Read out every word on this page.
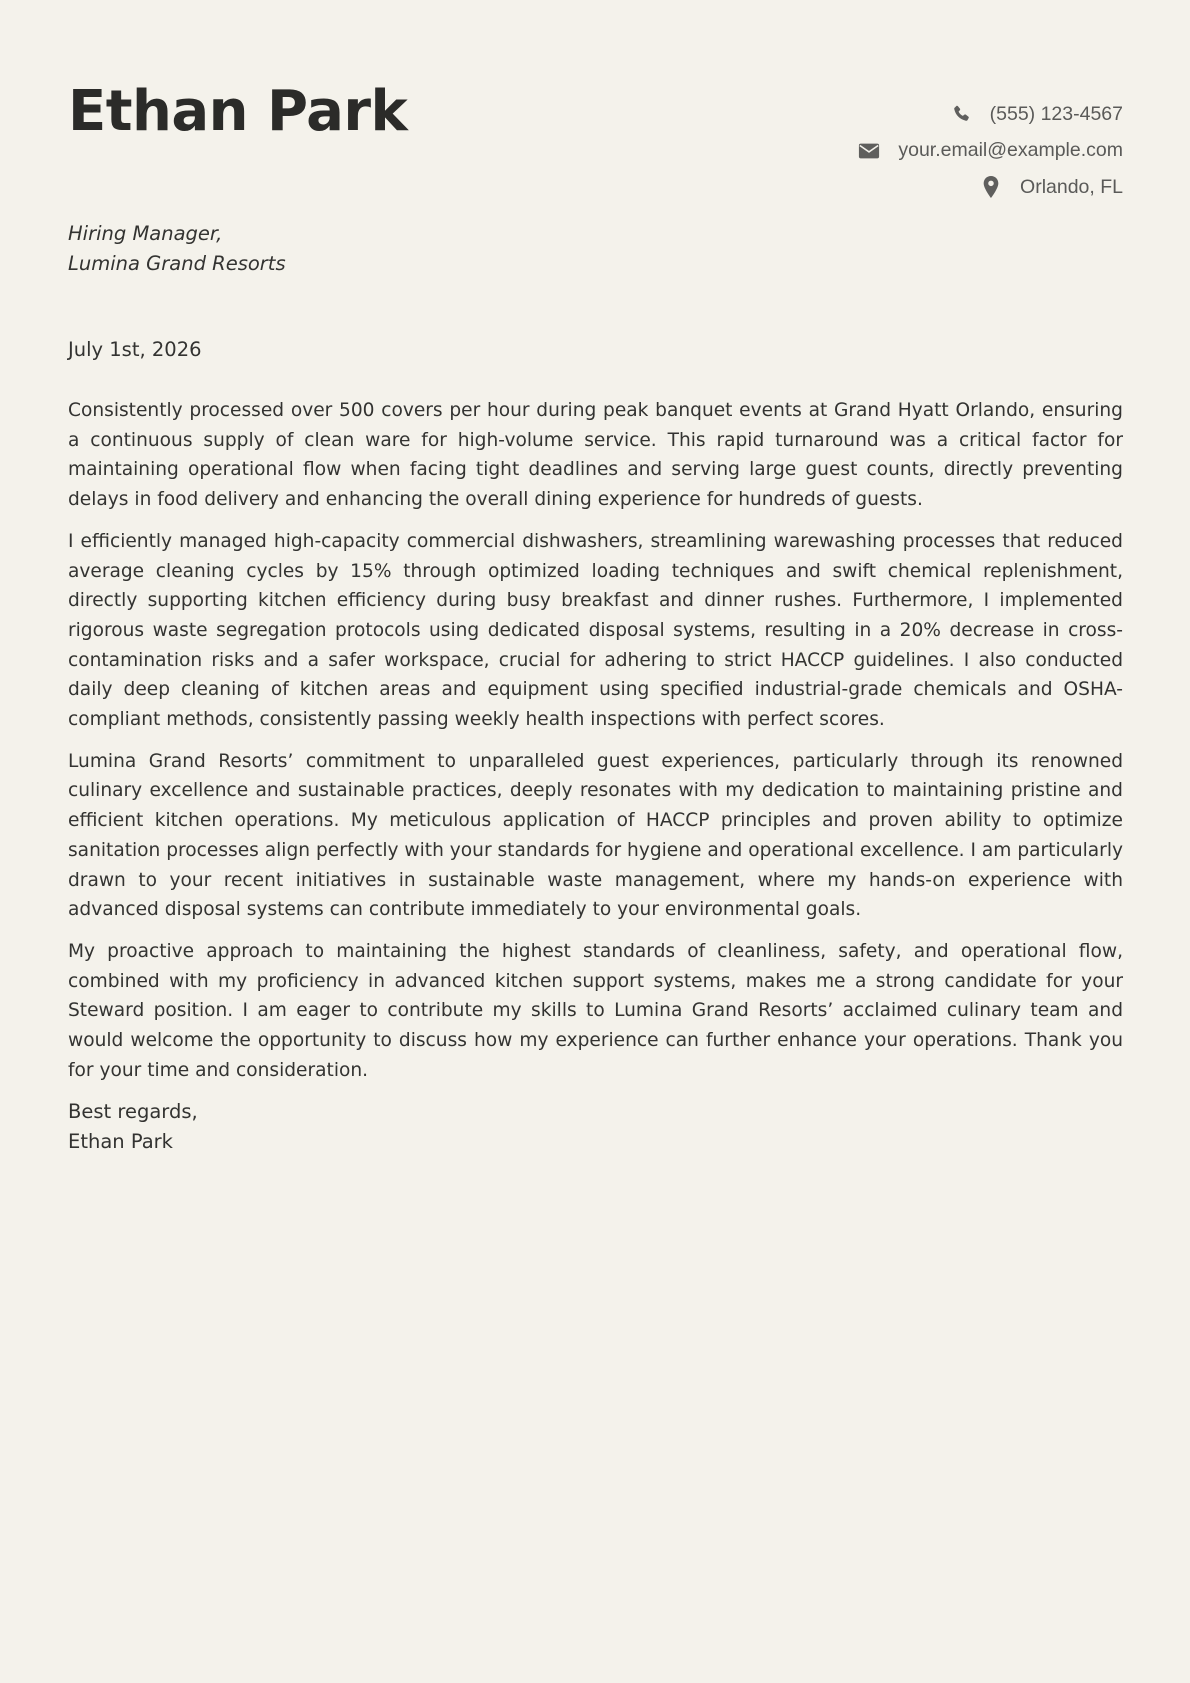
Ethan Park	(555) 123-4567
your.email@example.com
Orlando, FL
Hiring Manager,
Lumina Grand Resorts
July 1st, 2026

Consistently processed over 500 covers per hour during peak banquet events at Grand Hyatt Orlando, ensuring a continuous supply of clean ware for high-volume service. This rapid turnaround was a critical factor for maintaining operational flow when facing tight deadlines and serving large guest counts, directly preventing delays in food delivery and enhancing the overall dining experience for hundreds of guests.

I efficiently managed high-capacity commercial dishwashers, streamlining warewashing processes that reduced average cleaning cycles by 15% through optimized loading techniques and swift chemical replenishment, directly supporting kitchen efficiency during busy breakfast and dinner rushes. Furthermore, I implemented rigorous waste segregation protocols using dedicated disposal systems, resulting in a 20% decrease in cross-contamination risks and a safer workspace, crucial for adhering to strict HACCP guidelines. I also conducted daily deep cleaning of kitchen areas and equipment using specified industrial-grade chemicals and OSHA-compliant methods, consistently passing weekly health inspections with perfect scores.

Lumina Grand Resorts’ commitment to unparalleled guest experiences, particularly through its renowned culinary excellence and sustainable practices, deeply resonates with my dedication to maintaining pristine and efficient kitchen operations. My meticulous application of HACCP principles and proven ability to optimize sanitation processes align perfectly with your standards for hygiene and operational excellence. I am particularly drawn to your recent initiatives in sustainable waste management, where my hands-on experience with advanced disposal systems can contribute immediately to your environmental goals.

My proactive approach to maintaining the highest standards of cleanliness, safety, and operational flow, combined with my proficiency in advanced kitchen support systems, makes me a strong candidate for your Steward position. I am eager to contribute my skills to Lumina Grand Resorts’ acclaimed culinary team and would welcome the opportunity to discuss how my experience can further enhance your operations. Thank you for your time and consideration.

Best regards,
Ethan Park
